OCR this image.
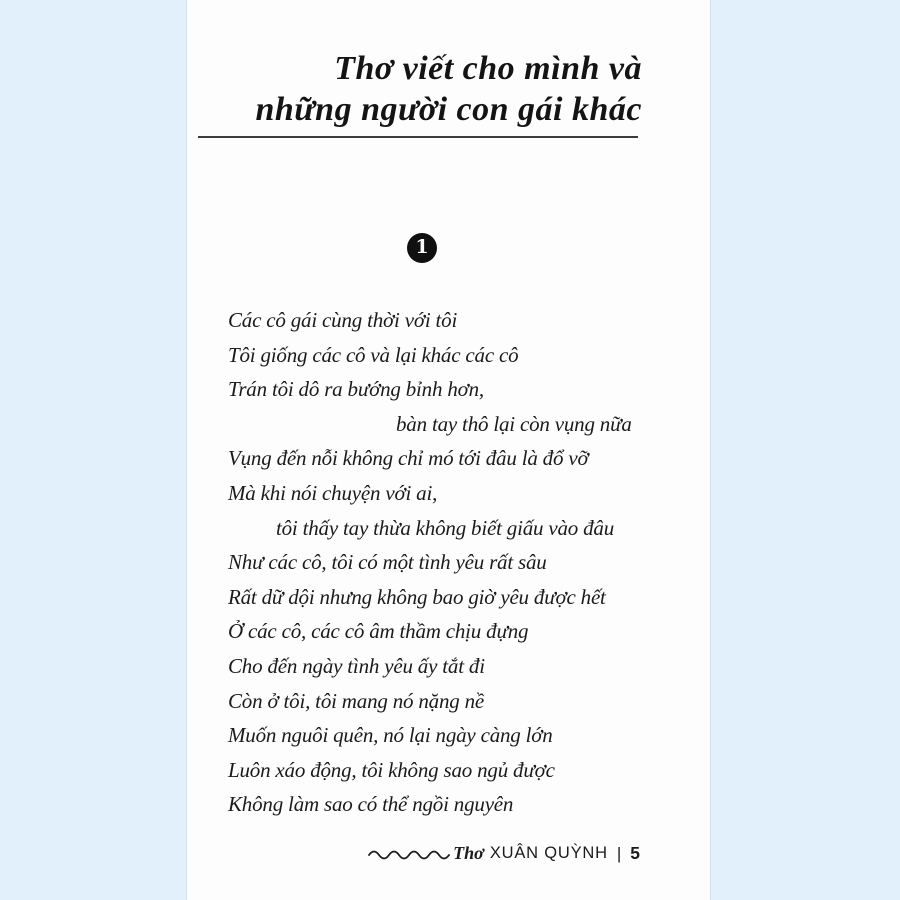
Thơ viết cho mình và
những người con gái khác
1
Các cô gái cùng thời với tôi
Tôi giống các cô và lại khác các cô
Trán tôi dô ra bướng bỉnh hơn,
bàn tay thô lại còn vụng nữa
Vụng đến nỗi không chỉ mó tới đâu là đổ vỡ
Mà khi nói chuyện với ai,
tôi thấy tay thừa không biết giấu vào đâu
Như các cô, tôi có một tình yêu rất sâu
Rất dữ dội nhưng không bao giờ yêu được hết
Ở các cô, các cô âm thầm chịu đựng
Cho đến ngày tình yêu ấy tắt đi
Còn ở tôi, tôi mang nó nặng nề
Muốn nguôi quên, nó lại ngày càng lớn
Luôn xáo động, tôi không sao ngủ được
Không làm sao có thể ngồi nguyên
Thơ XUÂN QUỲNH | 5
